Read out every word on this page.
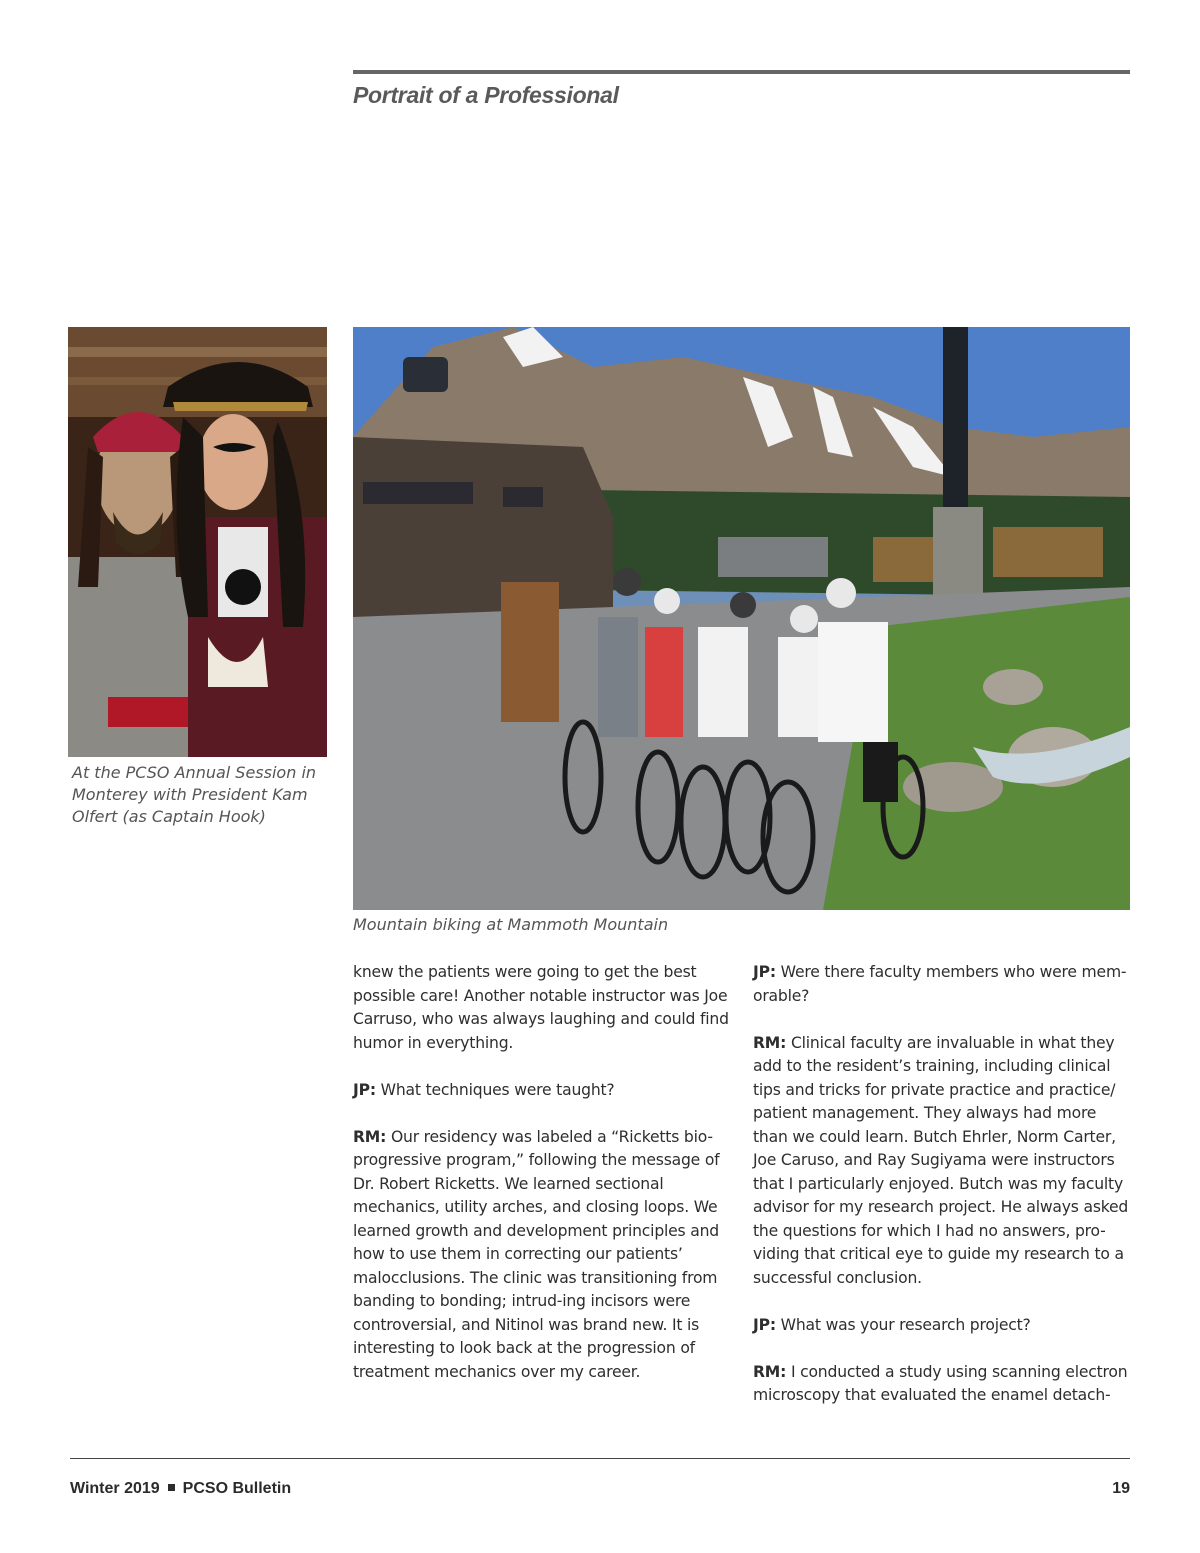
Portrait of a Professional
At the PCSO Annual Session in Monterey with President Kam Olfert (as Captain Hook)
Mountain biking at Mammoth Mountain

knew the patients were going to get the best possible care! Another notable instructor was Joe Carruso, who was always laughing and could find humor in everything.

JP: What techniques were taught?

RM: Our residency was labeled a “Ricketts bio-progressive program,” following the message of Dr. Robert Ricketts. We learned sectional mechanics, utility arches, and closing loops. We learned growth and development principles and how to use them in correcting our patients’ malocclusions. The clinic was transitioning from banding to bonding; intrud-ing incisors were controversial, and Nitinol was brand new. It is interesting to look back at the progression of treatment mechanics over my career.

JP: Were there faculty members who were mem-orable?

RM: Clinical faculty are invaluable in what they add to the resident’s training, including clinical tips and tricks for private practice and practice/ patient management. They always had more than we could learn. Butch Ehrler, Norm Carter, Joe Caruso, and Ray Sugiyama were instructors that I particularly enjoyed. Butch was my faculty advisor for my research project. He always asked the questions for which I had no answers, pro-viding that critical eye to guide my research to a successful conclusion.

JP: What was your research project?

RM: I conducted a study using scanning electron microscopy that evaluated the enamel detach-

Winter 2019 PCSO Bulletin	19
